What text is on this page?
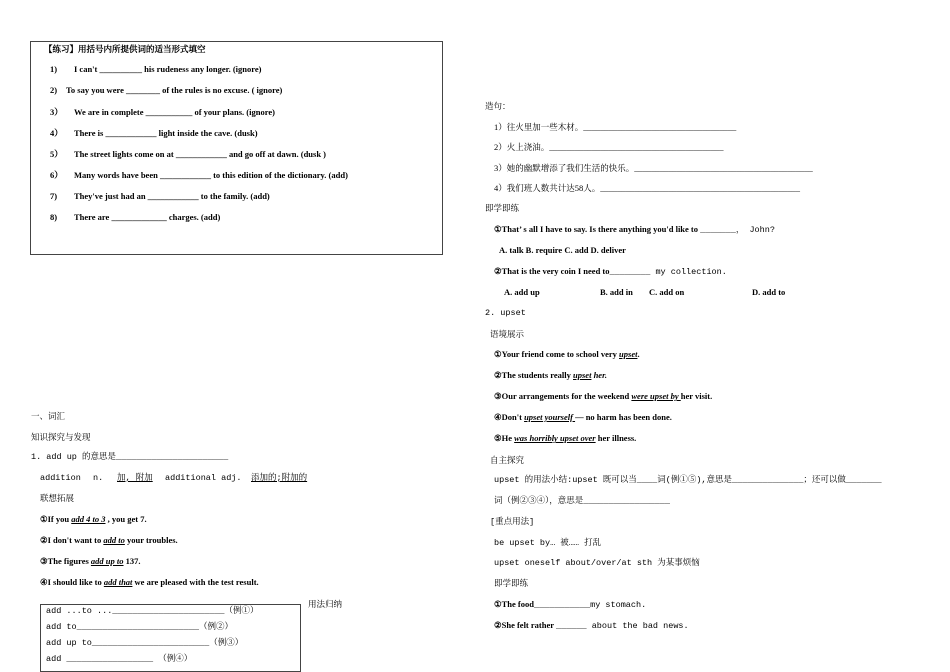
【练习】用括号内所提供词的适当形式填空
1) I can't __________ his rudeness any longer. (ignore)
2) To say you were ________ of the rules is no excuse. ( ignore)
3） We are in complete ___________ of your plans. (ignore)
4） There is ____________ light inside the cave. (dusk)
5） The street lights come on at ____________ and go off at dawn. (dusk )
6） Many words have been ____________ to this edition of the dictionary. (add)
7) They've just had an ____________ to the family. (add)
8) There are _____________ charges. (add)
一、词汇
知识探究与发现
1. add up 的意思是______________________
addition n. 加, 附加 additional adj. 添加的;附加的
联想拓展
①If you add 4 to 3 , you get 7.
②I don't want to add to your troubles.
③The figures add up to 137.
④I should like to add that we are pleased with the test result.
add ...to ...______________________（例①）
add to________________________（例②）
add up to_______________________（例③）
add _________________ （例④）
用法归纳
造句：
1）往火里加一些木材。____________________________________
2）火上浇油。_________________________________________
3）她的幽默增添了我们生活的快乐。__________________________________________
4）我们班人数共计达58人。_______________________________________________
即学即练
①That’ s all I have to say. Is there anything you'd like to _______， John?
A. talk B. require C. add D. deliver
②That is the very coin I need to________ my collection.
A. add up	B. add in C. add on	D. add to
2. upset
语境展示
①Your friend come to school very upset.
②The students really upset her.
③Our arrangements for the weekend were upset by her visit.
④Don't upset yourself — no harm has been done.
⑤He was horribly upset over her illness.
自主探究
upset 的用法小结:upset 既可以当____词(例①⑤),意思是______________；还可以做_______
词（例②③④），意思是_________________
[重点用法]
be upset by… 被…… 打乱
upset oneself about/over/at sth 为某事烦恼
即学即练
①The food___________my stomach.
②She felt rather ______ about the bad news.
